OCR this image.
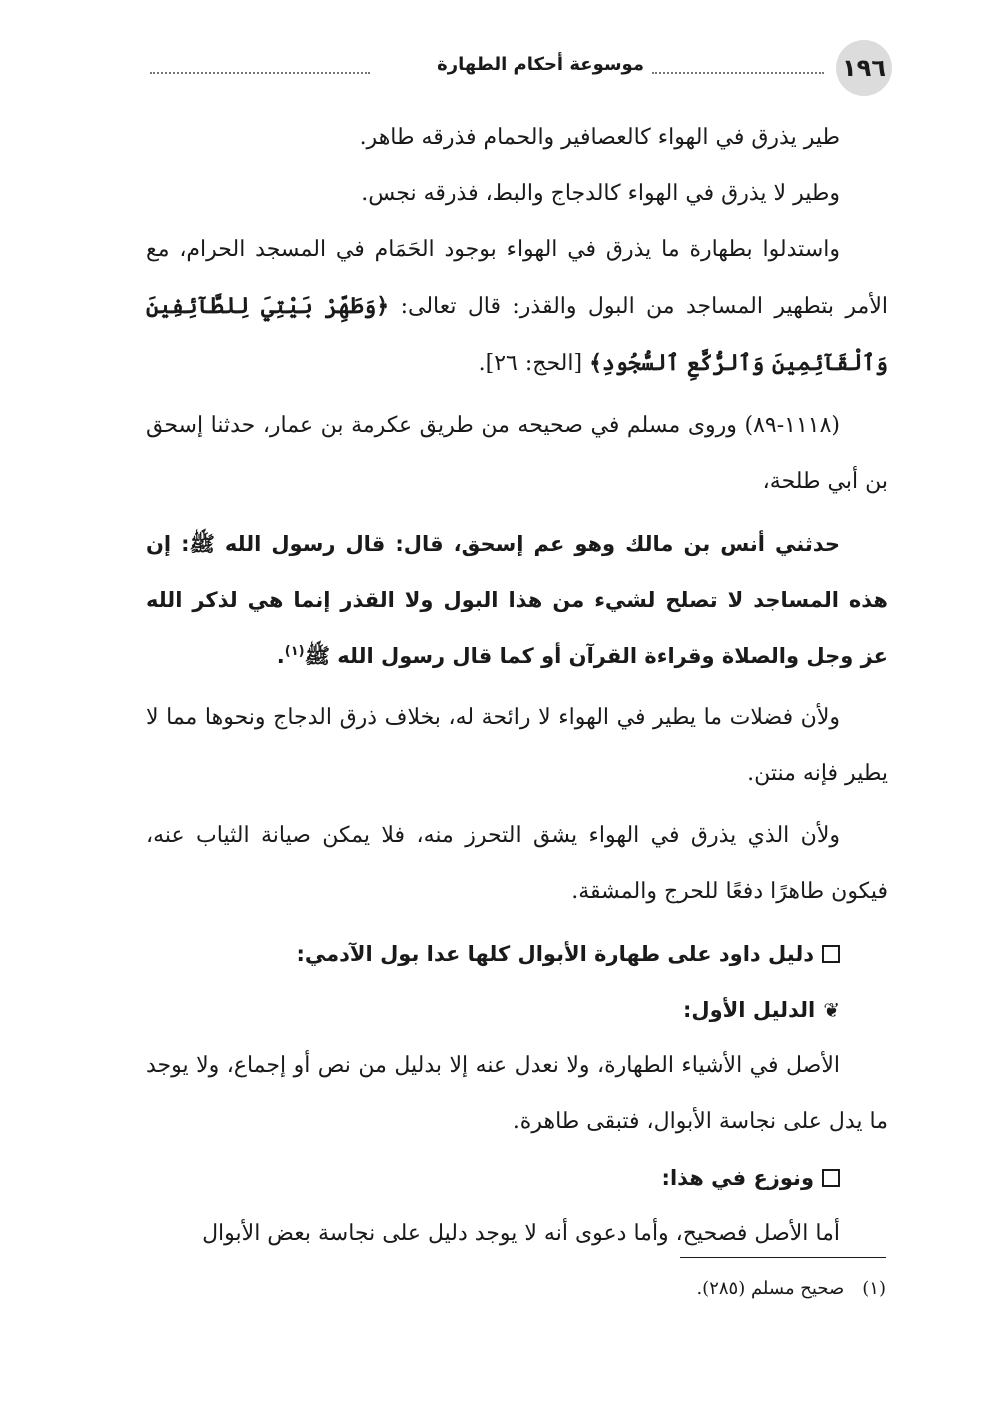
١٩٦
موسوعة أحكام الطهارة

طير يذرق في الهواء كالعصافير والحمام فذرقه طاهر.

وطير لا يذرق في الهواء كالدجاج والبط، فذرقه نجس.

واستدلوا بطهارة ما يذرق في الهواء بوجود الحَمَام في المسجد الحرام، مع الأمر بتطهير المساجد من البول والقذر: قال تعالى: ﴿وَطَهِّرْ بَيْتِيَ لِلطَّآئِفِينَ وَٱلْقَآئِمِينَ وَٱلرُّكَّعِ ٱلسُّجُودِ﴾ [الحج: ٢٦].

(١١١٨-٨٩) وروى مسلم في صحيحه من طريق عكرمة بن عمار، حدثنا إسحق بن أبي طلحة،

حدثني أنس بن مالك وهو عم إسحق، قال: قال رسول الله ﷺ: إن هذه المساجد لا تصلح لشيء من هذا البول ولا القذر إنما هي لذكر الله عز وجل والصلاة وقراءة القرآن أو كما قال رسول الله ﷺ$^{(١)}$.

ولأن فضلات ما يطير في الهواء لا رائحة له، بخلاف ذرق الدجاج ونحوها مما لا يطير فإنه منتن.

ولأن الذي يذرق في الهواء يشق التحرز منه، فلا يمكن صيانة الثياب عنه، فيكون طاهرًا دفعًا للحرج والمشقة.

دليل داود على طهارة الأبوال كلها عدا بول الآدمي:

❦
الدليل الأول:

الأصل في الأشياء الطهارة، ولا نعدل عنه إلا بدليل من نص أو إجماع، ولا يوجد ما يدل على نجاسة الأبوال، فتبقى طاهرة.

ونوزع في هذا:

أما الأصل فصحيح، وأما دعوى أنه لا يوجد دليل على نجاسة بعض الأبوال

(١)صحيح مسلم (٢٨٥).
